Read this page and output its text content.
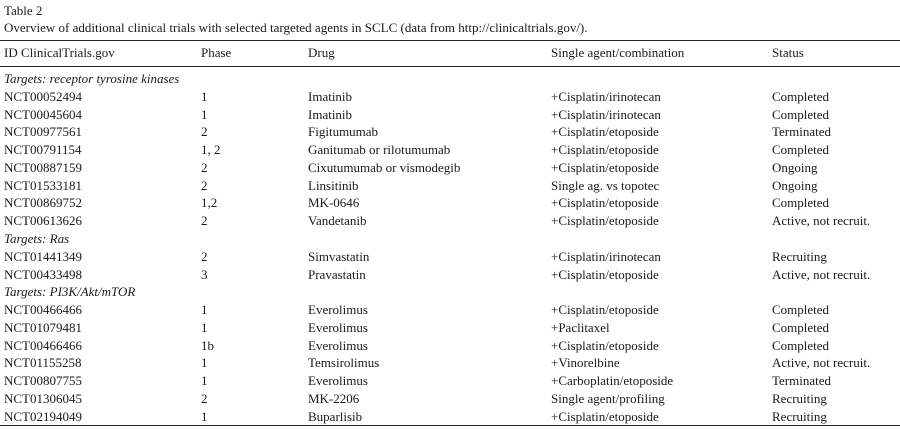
Table 2
Overview of additional clinical trials with selected targeted agents in SCLC (data from http://clinicaltrials.gov/).
ID ClinicalTrials.gov	Phase	Drug	Single agent/combination	Status
Targets: receptor tyrosine kinases
NCT00052494	1	Imatinib	+Cisplatin/irinotecan	Completed
NCT00045604	1	Imatinib	+Cisplatin/irinotecan	Completed
NCT00977561	2	Figitumumab	+Cisplatin/etoposide	Terminated
NCT00791154	1, 2	Ganitumab or rilotumumab	+Cisplatin/etoposide	Completed
NCT00887159	2	Cixutumumab or vismodegib	+Cisplatin/etoposide	Ongoing
NCT01533181	2	Linsitinib	Single ag. vs topotec	Ongoing
NCT00869752	1,2	MK-0646	+Cisplatin/etoposide	Completed
NCT00613626	2	Vandetanib	+Cisplatin/etoposide	Active, not recruit.
Targets: Ras
NCT01441349	2	Simvastatin	+Cisplatin/irinotecan	Recruiting
NCT00433498	3	Pravastatin	+Cisplatin/etoposide	Active, not recruit.
Targets: PI3K/Akt/mTOR
NCT00466466	1	Everolimus	+Cisplatin/etoposide	Completed
NCT01079481	1	Everolimus	+Paclitaxel	Completed
NCT00466466	1b	Everolimus	+Cisplatin/etoposide	Completed
NCT01155258	1	Temsirolimus	+Vinorelbine	Active, not recruit.
NCT00807755	1	Everolimus	+Carboplatin/etoposide	Terminated
NCT01306045	2	MK-2206	Single agent/profiling	Recruiting
NCT02194049	1	Buparlisib	+Cisplatin/etoposide	Recruiting
